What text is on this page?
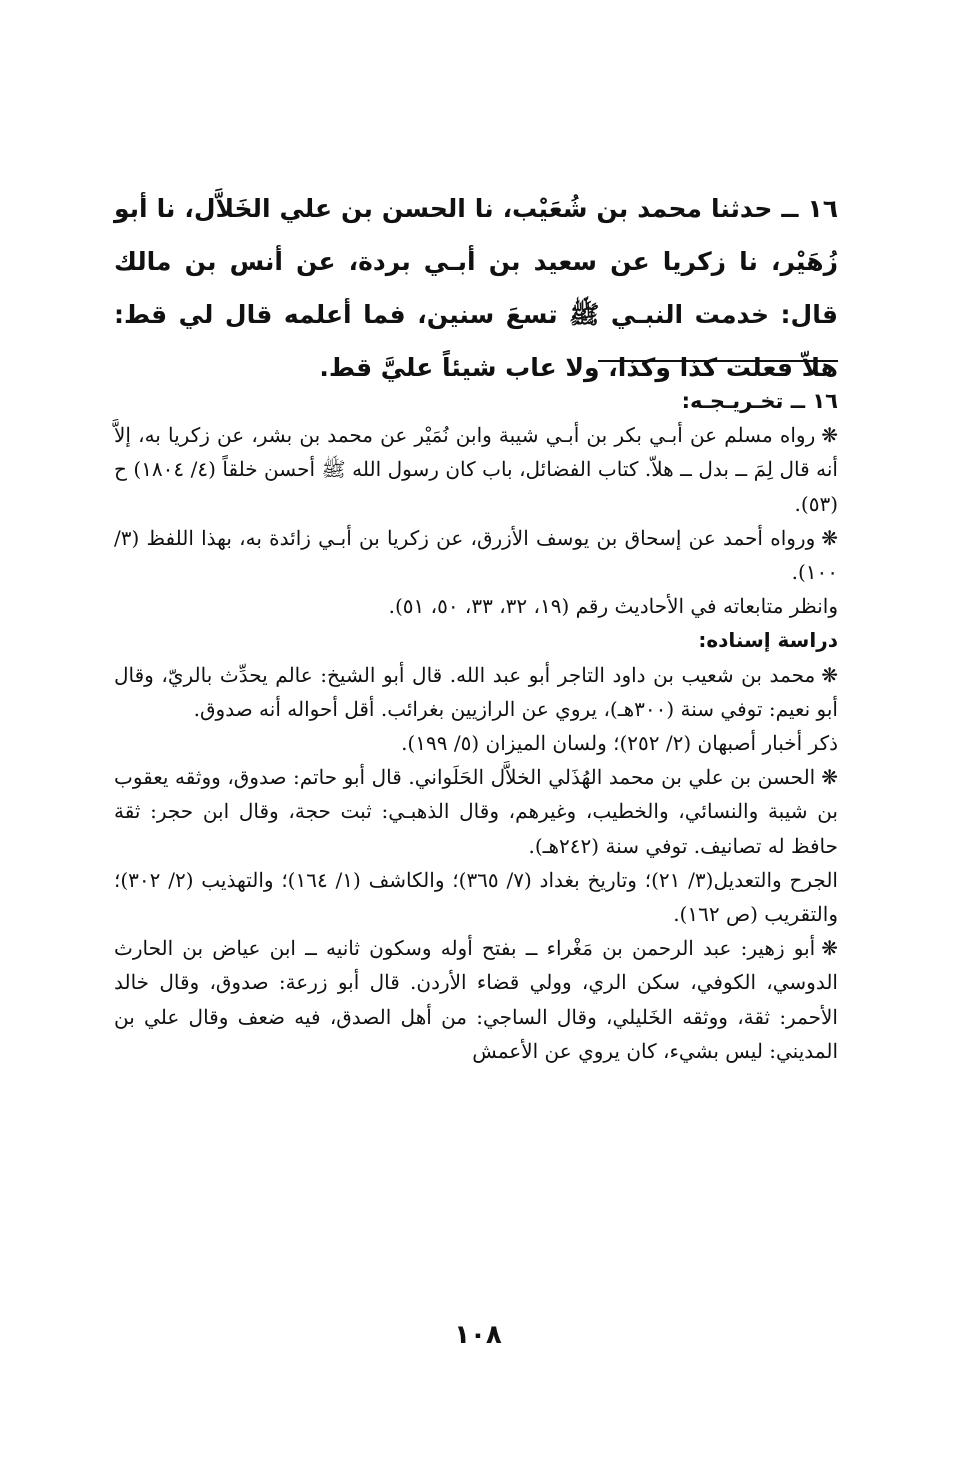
١٦ ــ حدثنا محمد بن شُعَيْب، نا الحسن بن علي الخَلاَّل، نا أبو زُهَيْر، نا زكريا عن سعيد بن أبـي بردة، عن أنس بن مالك قال: خدمت النبـي ﷺ تسعَ سنين، فما أعلمه قال لي قط: هلاّ فعلت كذا وكذا، ولا عاب شيئاً عليَّ قط.

١٦ ــ تخـريـجـه:

❋رواه مسلم عن أبـي بكر بن أبـي شيبة وابن نُمَيْر عن محمد بن بشر، عن زكريا به، إلاَّ أنه قال لِمَ ــ بدل ــ هلاّ. كتاب الفضائل، باب كان رسول الله ﷺ أحسن خلقاً (٤/ ١٨٠٤) ح (٥٣).

❋ورواه أحمد عن إسحاق بن يوسف الأزرق، عن زكريا بن أبـي زائدة به، بهذا اللفظ (٣/ ١٠٠).

وانظر متابعاته في الأحاديث رقم (١٩، ٣٢، ٣٣، ٥٠، ٥١).

دراسة إسناده:

❋محمد بن شعيب بن داود التاجر أبو عبد الله. قال أبو الشيخ: عالم يحدِّث بالريّ، وقال أبو نعيم: توفي سنة (٣٠٠هـ)، يروي عن الرازيين بغرائب. أقل أحواله أنه صدوق.

ذكر أخبار أصبهان (٢/ ٢٥٢)؛ ولسان الميزان (٥/ ١٩٩).

❋الحسن بن علي بن محمد الهُذَلي الخلاَّل الحَلَواني. قال أبو حاتم: صدوق، ووثقه يعقوب بن شيبة والنسائي، والخطيب، وغيرهم، وقال الذهبـي: ثبت حجة، وقال ابن حجر: ثقة حافظ له تصانيف. توفي سنة (٢٤٢هـ).

الجرح والتعديل(٣/ ٢١)؛ وتاريخ بغداد (٧/ ٣٦٥)؛ والكاشف (١/ ١٦٤)؛ والتهذيب (٢/ ٣٠٢)؛ والتقريب (ص ١٦٢).

❋أبو زهير: عبد الرحمن بن مَغْراء ــ بفتح أوله وسكون ثانيه ــ ابن عياض بن الحارث الدوسي، الكوفي، سكن الري، وولي قضاء الأردن. قال أبو زرعة: صدوق، وقال خالد الأحمر: ثقة، ووثقه الخَليلي، وقال الساجي: من أهل الصدق، فيه ضعف وقال علي بن المديني: ليس بشيء، كان يروي عن الأعمش

١٠٨
